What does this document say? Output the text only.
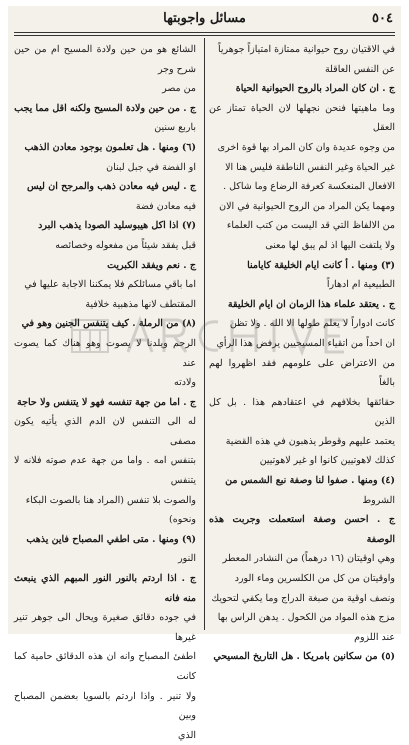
٥٠٤
مسائل واجوبتها

في الاقتيان روح حيوانية ممتازة امتيازاً جوهرياً

عن النفس العاقلة

ج . ان كان المراد بالروح الحيوانية الحياة

وما ماهيتها فنحن نجهلها لان الحياة تمتاز عن العقل

من وجوه عديدة وان كان المراد بها قوة اخرى

غير الحياة وغير النفس الناطقة فليس هنا الا

الافعال المنعكسة كعرفة الرضاع وما شاكل .

ومهما يكن المراد من الروح الحيوانية في الان

من الالفاظ التي قد اليست من كتب العلماء

ولا يلتفت اليها اذ لم يبق لها معنى

(٣) ومنها . أ كانت ايام الخليقة كايامنا

الطبيعية ام ادهاراً

ج . يعتقد علماء هذا الزمان ان ايام الخليقة

كانت ادواراً لا يعلم طولها الا الله . ولا تظن

ان احداً من اتقياء المسيحيين يرفض هذا الرأي

من الاعتراض على علومهم فقد اظهروا لهم بالغاً

حقائقها بخلافهم في اعتقادهم هذا . بل كل الذين

يعتمد عليهم وقوطر يذهبون في هذه القضية

كذلك لاهوتيين كانوا او غير لاهوتيين

(٤) ومنها . صفوا لنا وصفة نبع الشمس من

الشروط

ج . احسن وصفة استعملت وجربت هذه الوصفة

وهي اوقيتان (١٦ درهماً) من النشادر المعطر

واوقيتان من كل من الكلسرين وماء الورد

ونصف اوقية من صبغة الدراج وما يكفي لتحويك

مزج هذه المواد من الكحول . يدهن الراس بها

عند اللزوم

(٥) من سكانين بامريكا . هل التاريخ المسيحي

الشائع هو من حين ولادة المسيح ام من حين شرح وجر

من مصر

ج . من حين ولادة المسيح ولكنه اقل مما يجب

باربع سنين

(٦) ومنها . هل تعلمون بوجود معادن الذهب

او الفضة في جبل لبنان

ج . ليس فيه معادن ذهب والمرجح ان ليس

فيه معادن فضة

(٧) اذا اكل هيبوسليد الصودا يذهب البرد

قبل يفقد شيئاً من مفعوله وخصائصه

ج . نعم ويفقد الكبريت

اما باقي مسائلكم فلا يمكننا الاجابة عليها في

المقتطف لانها مذهبية خلافية

(٨) من الرملة . كيف يتنفس الجنين وهو في

الرحم ويلدنا لا يصوت وهو هناك كما يصوت عند

ولادته

ج . اما من جهة تنفسه فهو لا يتنفس ولا حاجة

له الى التنفس لان الدم الذي يأتيه يكون مصفى

بتنفس امه . واما من جهة عدم صوته فلانه لا يتنفس

والصوت بلا تنفس (المراد هنا بالصوت البكاء

ونحوه)

(٩) ومنها . متى اطفي المصباح فاين يذهب

النور

ج . اذا اردتم بالنور النور المبهم الذي ينبعث منه فانه

في جوده دقائق صغيرة ويحال الى جوهر تنير غيرها

اطفئ المصباح وانه ان هذه الدقائق حامية كما كانت

ولا تنير . واذا اردتم بالسويا بعضمن المصباح وبين

الذي
